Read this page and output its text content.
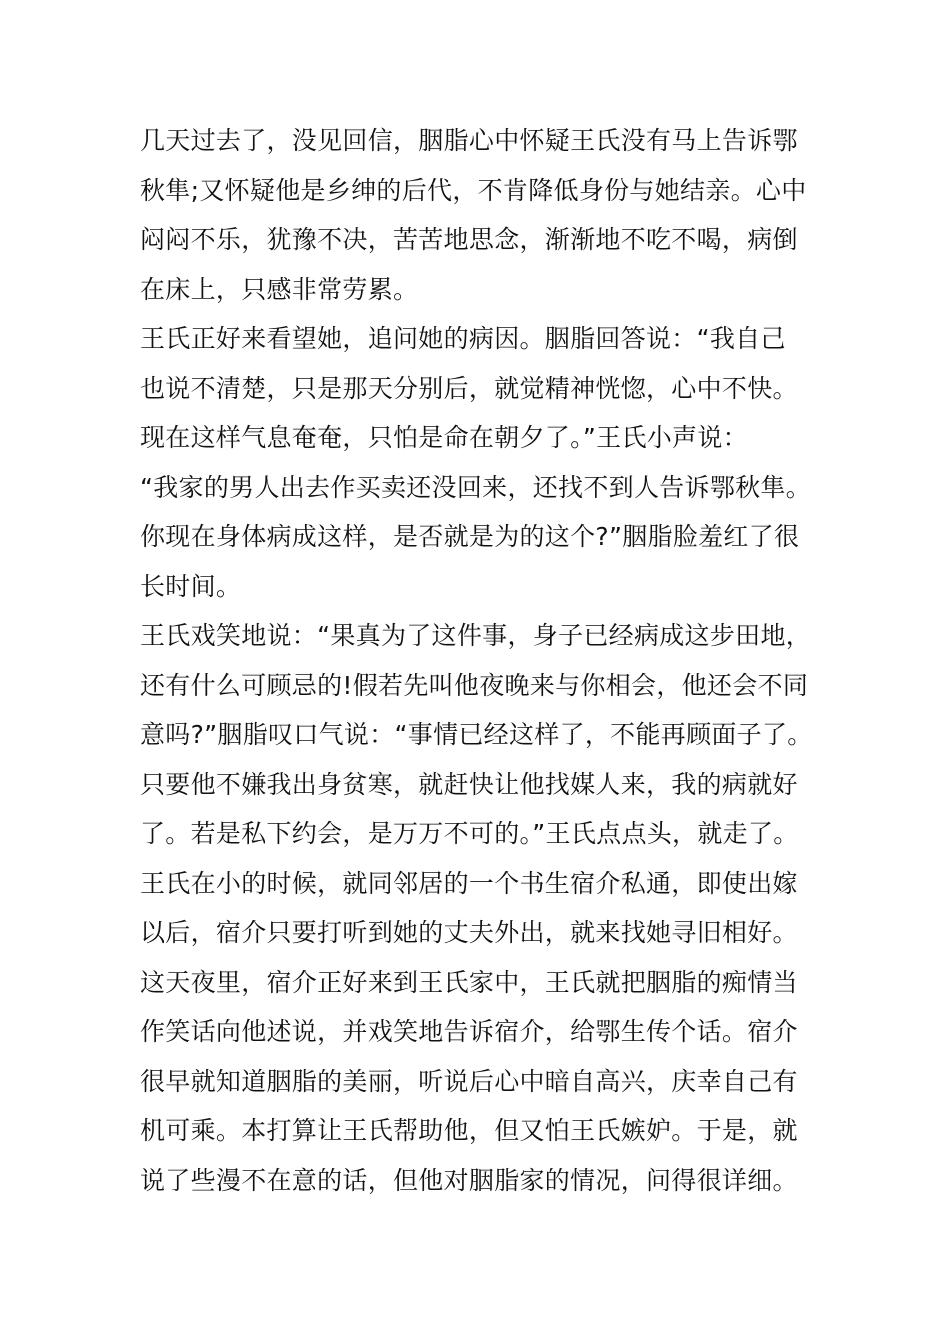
几天过去了，没见回信，胭脂心中怀疑王氏没有马上告诉鄂
秋隼;又怀疑他是乡绅的后代，不肯降低身份与她结亲。心中
闷闷不乐，犹豫不决，苦苦地思念，渐渐地不吃不喝，病倒
在床上，只感非常劳累。
王氏正好来看望她，追问她的病因。胭脂回答说：“我自己
也说不清楚，只是那天分别后，就觉精神恍惚，心中不快。
现在这样气息奄奄，只怕是命在朝夕了。”王氏小声说：
“我家的男人出去作买卖还没回来，还找不到人告诉鄂秋隼。
你现在身体病成这样，是否就是为的这个?”胭脂脸羞红了很
长时间。
王氏戏笑地说：“果真为了这件事，身子已经病成这步田地，
还有什么可顾忌的!假若先叫他夜晚来与你相会，他还会不同
意吗?”胭脂叹口气说：“事情已经这样了，不能再顾面子了。
只要他不嫌我出身贫寒，就赶快让他找媒人来，我的病就好
了。若是私下约会，是万万不可的。”王氏点点头，就走了。
王氏在小的时候，就同邻居的一个书生宿介私通，即使出嫁
以后，宿介只要打听到她的丈夫外出，就来找她寻旧相好。
这天夜里，宿介正好来到王氏家中，王氏就把胭脂的痴情当
作笑话向他述说，并戏笑地告诉宿介，给鄂生传个话。宿介
很早就知道胭脂的美丽，听说后心中暗自高兴，庆幸自己有
机可乘。本打算让王氏帮助他，但又怕王氏嫉妒。于是，就
说了些漫不在意的话，但他对胭脂家的情况，问得很详细。
